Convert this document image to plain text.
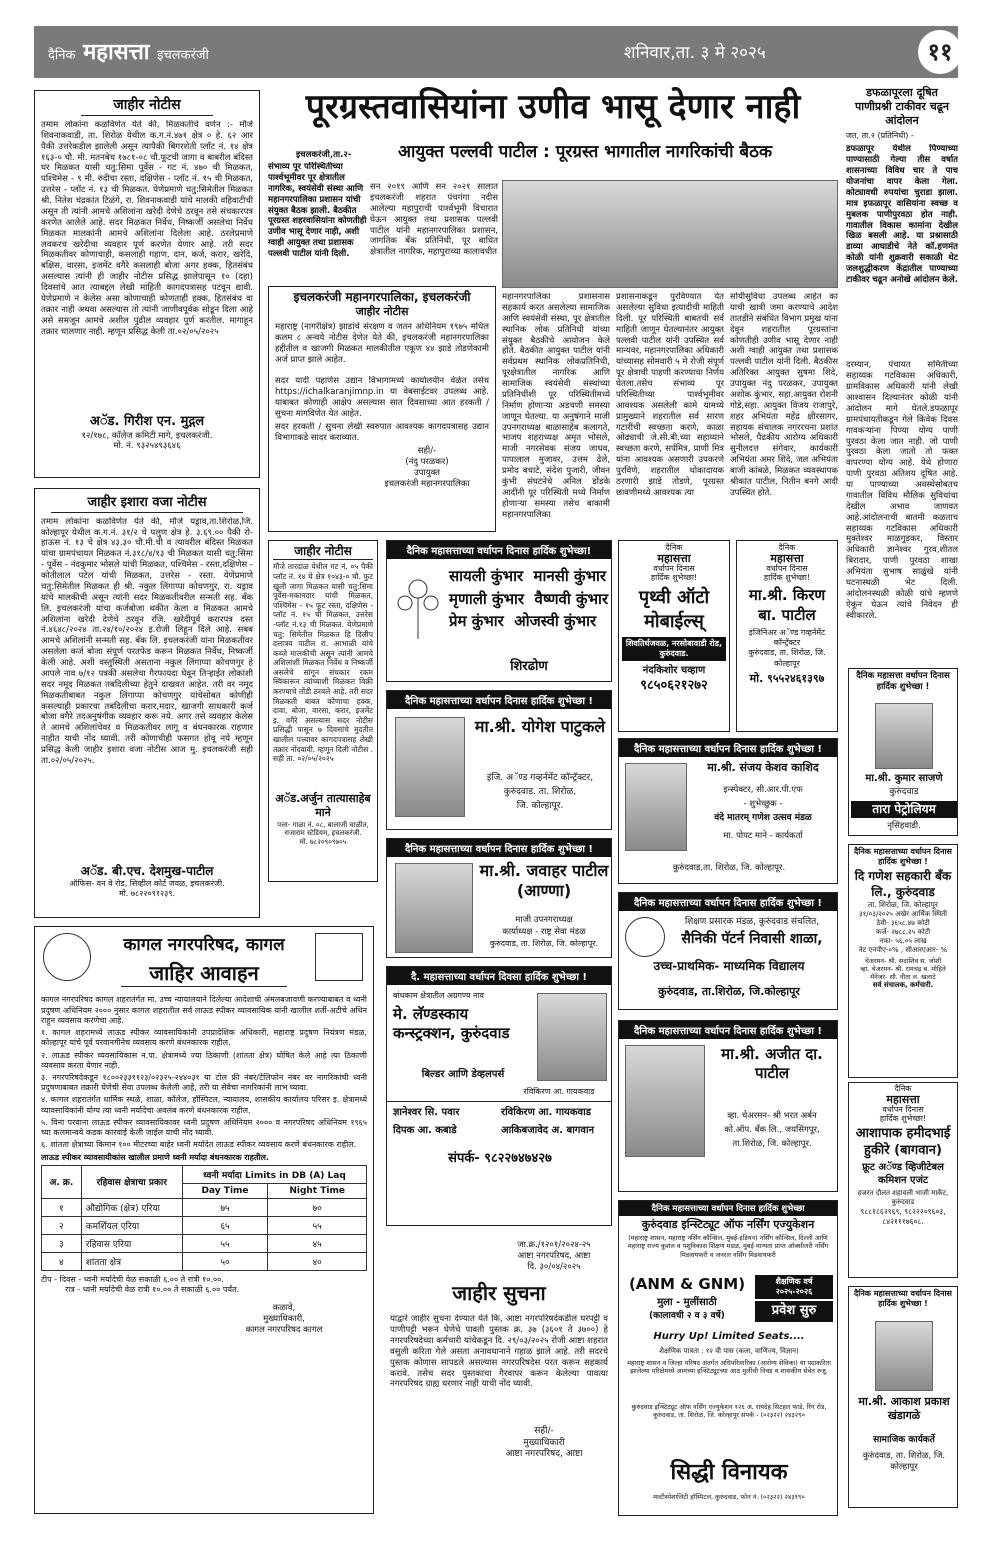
दैनिक महासत्ता इचलकरंजी	शनिवार,ता. ३ मे २०२५	११
जाहीर नोटीस
तमाम लोकांना कळविणेत येते की, मिळकतीचे वर्णन :- मौजे शिवनाकवाडी, ता. शिरोळ येथील क.ग.नं.४७१ क्षेत्र ० हे. ६२ आर पैकी उत्तरेकडील झालेली असून त्यापैकी बिगरशेती प्लॉट नं. १४ क्षेत्र १६३-० चौ. मी. मतनबेच १७८१-०८ चौ.फूटची जागा व बाबरील बंदिस्त घर मिळकत यासी चतु:सिमा पूर्वेस - गट नं. ४७० ची मिळकत, पश्चिमेस - ९ मी. रुंदीचा रस्ता, दक्षिणेस - प्लॉट नं. १५ ची मिळकत, उत्तरेस - प्लॉट नं. १३ ची मिळकत. येणेप्रमाणे चतु:सिमेतील मिळकत श्री. नितेश चंद्रकांत टिळंगे, रा. शिवनाकवाडी यांचे मालकी वहिवाटीची असून ती त्यांनी आमचे अशिलांना खरेदी देणेचे ठरवून तसे संचकारपत्र करणेत आलेले आहे. सदर मिळकत निर्वेध, निष्कर्जी असलेचा निर्वेध मिळकत मालकांनी आमचे अशिलांना दिलेला आहे. ठरलेप्रमाणे लवकरच खरेदीचा व्यवहार पूर्ण करणेत येणार आहे. तरी सदर मिळकतीवर कोणाचाही, कसलाही गहाण, दान, कर्ज, करार, खरेदि, बक्षिस, वारसा, इजमेंट वगैरे कसलाही बोजा अगर हक्क, हितसंबंध असल्यास त्यांनी ही जाहीर नोटीस प्रसिद्ध झालेपासून १० (दहा) दिवसांचे आत त्याबद्दल लेखी माहिती कागदपत्रासह पटवून द्यावी. येणेप्रमाणे न केलेस असा कोणाचाही कोणताही हक्क, हितसंबंध वा तक्रार नाही अथवा असल्यास तो त्यांनी जाणीवपूर्वक सोडून दिला आहे असे समजून आमचे अशील पुढील व्यवहार पूर्ण करतील. मागाहून तक्रार चालणार नाही. म्हणून प्रसिद्ध केली ता.०२/०५/२०२५
अॅड. गिरीश एन. मुद्गल
१२/१७८, कॉलेज कमिटी मागे, इचलकरंजी.
मो. नं. ९३२५४९३६४६
जाहीर इशारा वजा नोटीस
तमाम लोकांना कळविणेत येते की, मौजे यड्राव,ता.शिरोळ,जि. कोल्हापूर येथील क.ग.नं. ३१/२ चे पलुण क्षेत्र हे. ३.६९.०० पैकी रो-हाऊस नं. १३ चे क्षेत्र ४३.३० चौ.मी.ची व त्यावरील बंदिस्त मिळकत यांचा ग्रामपंचायत मिळकत नं.३१८/४/१३ ची मिळकत यासी चतु:सिमा - पूर्वेस - नंदकुमार भोसले यांची मिळकत, पश्चिमेस - रस्ता,दक्षिणेस - कोतीलाल पटेल यांची मिळकत, उत्तरेस - रस्ता. येणेप्रमाणे चतु:सिमेतील मिळकत ही श्री. नकुल लिंगाप्पा कोचणगुर, रा. यड्राव यांचे मालकीची असून त्यांनी सदर मिळकतीवरील सन्मती सह. बँक लि. इचलकरंजी यांचा कर्जबोजा थकीत केला व मिळकत आमचे अशिलांना खरेदी देणेचे ठरवून रजि. खरेदीपूर्व करारपत्र दस्त नं.४६४८/२०२४ ता.२४/१०/२०२४ इ.रोजी लिहून दिले आहे. सबब आमचे अशिलांनी सन्मती सह. बँक लि. इचलकरंजी यांना मिळकतीवर असलेला कर्ज बोजा संपूर्ण परतफेड करून मिळकत निर्वेध, निष्कर्जी केली आहे. अशी वस्तुस्थिती असताना नकुल लिंगाप्पा कोचणगुर हे आपले नाव ७/१२ पत्रकी असलेचा गैरफायदा घेवून तिऱ्हाईत लोकांशी सदर नमूद मिळकत तबदिलीच्या हेतुने दाखवत आहेत. तरी वर नमूद मिळकतीबाबत नकुल लिंगाप्पा कोचणगुर यांचेसोबत कोणीही कसल्याही प्रकारचा तबदिलीचा करार,मदार, खाजगी साधकारी कर्ज बोजा वगैरे तदअनुषंगीक व्यवहार करू नये. अगर तसे व्यवहार केलेस ते आमचे अशिलांचेवर व मिळकतीवर लागू व बंधनकारक राहणार नाहीत याची नोंद घ्यावी. तरी कोणाचीही फसगत होवू नये म्हणून प्रसिद्ध केली जाहीर इशारा वजा नोटीस आज मु. इचलकरंजी सही ता.०२/०५/२०२५.
अॅड. बी.एच. देशमुख-पाटील
ऑफिस- वन वे रोड, सिव्हील कोर्ट जवळ, इचलकरंजी.
मो. ७८२२०९१२३९.
पूरग्रस्तवासियांना उणीव भासू देणार नाही
आयुक्त पल्लवी पाटील : पूरग्रस्त भागातील नागरिकांची बैठक
इचलकरंजी,ता.२-
संभाव्य पूर परिस्थितीच्या पार्श्वभूमीवर पूर क्षेत्रातील नागरिक, स्वयंसेवी संस्था आणि महानगरपालिका प्रशासन यांची संयुक्त बैठक झाली. बैठकीत पूरग्रस्त शहरवासियांना कोणतीही उणीव भासू देणार नाही, अशी ग्वाही आयुक्त तथा प्रशासक पल्लवी पाटील यांनी दिली.
सन २०१९ आणि सन २०२१ सालात इचलकरंजी शहरात पंचगंगा नदीस आलेल्या महापुराची पार्श्वभूमी विचारात घेऊन आयुक्त तथा प्रशासक पल्लवी पाटील यांनी महानगरपालिका प्रशासन, जागतिक बँक प्रतिनिधी, पूर बाधित क्षेत्रातील नागरिक, महापुराच्या कालावधीत
महानगरपालिका प्रशासनास सहकार्य करत असलेल्या सामाजिक आणि स्वयंसेवी संस्था, पूर क्षेत्रातील स्थानिक लोक प्रतिनिधी यांच्या संयुक्त बैठकीचे आयोजन केले होते. बैठकीत आयुक्त पाटील यांनी सर्वप्रथम स्थानिक लोकप्रतिनिधी, पूरक्षेत्रातील नागरिक आणि सामाजिक स्वयंसेवी संस्थांच्या प्रतिनिधींशी पूर परिस्थितीमध्ये निर्माण होणाऱ्या अडचणी समस्या जाणून घेतल्या. या अनुषंगाने माजी उपनगराध्यक्ष बाळासाहेब कलागते, भाजप शहराध्यक्ष अमृत भोसले, माजी नगरसेवक संजय जाधव, पापालाल मुजावर, उत्तम ढेले, प्रमोद बचाटे, संदेश पुजारी, जीवन कुंभी संघटनेचे अनिल डोंडके आदींनी पूर परिस्थिती मध्ये निर्माण होणाऱ्या समस्या तसेच बाकामी महानगरपालिका
प्रशासनाकडून पुरविण्यात येत असलेल्या सुविधा इत्यादीची माहिती दिली. पूर परिस्थिती बाबतची सर्व माहिती जाणून घेतल्यानंतर आयुक्त पल्लवी पाटील यांनी उपस्थित सर्व मान्यवर, महानगरपालिका अधिकारी यांच्यासह सोमवारी ५ मे रोजी संपूर्ण पूर क्षेत्राची पाहणी करण्याचा निर्णय घेतला.तसेच संभाव्य पूर परिस्थितीच्या पार्श्वभूमीवर आवश्यक असलेली कामे यामध्ये प्रामुख्याने शहरातील सर्व सारण गटारींची स्वच्छता करणे, काळा ओढ्याची जे.सी.बी.च्या सहाय्याने स्वच्छता करणे, सर्पमित्र, प्राणी मित्र यांना आवश्यक असणारी उपकरणे पुरविणे, शहरातील धोकादायक ठरणारी झाडे तोडणे, पूरग्रस्त छावणीमध्ये आवश्यक त्या
सोयीसुविधा उपलब्ध आहेत का याची खात्री जमा करण्याचे आदेश तातडीने संबंधित विभाग प्रमुख यांना देवून शहरातील पूरग्रस्तांना कोणतीही उणीव भासू देणार नाही अशी ग्वाही आयुक्त तथा प्रशासक पल्लवी पाटील यांनी दिली. बैठकीस अतिरिक्त आयुक्त सुषमा शिंदे, उपायुक्त नंदु परळकर, उपायुक्त अशोक कुंभार, सहा.आयुक्त रोशनी गोडे,सहा. आयुक्त विजय राजापुरे, शहर अभियंता महेंद्र क्षीरसागर, सहायक संचालक नगररचना प्रशांत भोसले, पैढकीय आरोग्य अधिकारी सुनीलदत्त संगेवार, कार्यकारी अभियंता अमर शिंदे, जल अभियंता बाजी कांबळे, मिळकत व्यवस्थापक श्रीकांत पाटील, नितीन बनगे आदी उपस्थित होते.
इचलकरंजी महानगरपालिका, इचलकरंजी
जाहीर नोटीस
महाराष्ट्र (नागरीक्षेत्र) झाडांचे संरक्षण व जतन अधिनियम १९७५ मधिल कलम ८ अन्वये नोटीस देणेत येते की, इचलकरंजी महानगरपालिका हद्दीतील व खाजगी मिळकत मालकीतील एकूण ४४ झाडे तोडणेकामी अर्ज प्राप्त झाले आहेत.
सदर यादी पहाणेस उद्यान विभागामध्ये कार्यालयीन वेळेत तसेच https://ichalkaranjimnp.in या वेबसाईटवर उपलब्ध आहे. याबाबत कोणाही आक्षेप असल्यास सात दिवसाच्या आत हरकती / सुचना मागविणेत येत आहेत.
सदर हरकती / सुचना लेखी स्वरुपात आवश्यक कागदपत्रासह उद्यान विभागाकडे सादर कराव्यात.
सही/-
(नंदु परळकर)
उपायुक्त
इचलकरंजी महानगरपालिका
डफळापूरला दूषित पाणीप्रश्नी टाकीवर चढून आंदोलन
जत, ता.२ (प्रतिनिधी) -
डफळापूर येथील पिण्याच्या पाण्यासाठी गेल्या तीस वर्षात शासनाच्या विविध चार ते पाच योजनांचा वापर केला गेला. कोट्यावधी रुपयांचा चुराडा झाला. मात्र इफळापूर वासियांना स्वच्छ व मुबलक पाणीपुरवठा होत नाही. गावातील विकास कामांना देखील खिळ बसली आहे. या प्रश्नासाठी डाव्या आघाडीचे नेते कॉ.हणमंत कोळी यांनी शुक्रवारी सकाळी थेट जलशुद्धीकरण केंद्रातील पाण्याच्या टाकीवर चढून अनोखे आंदोलन केले.
दरम्यान, पंचायत समितीच्या सहाय्यक गटविकास अधिकारी, ग्रामविकास अधिकारी यांनी लेखी आश्वासन दिल्यानंतर कोळी यांनी आंदोलन मागे घेतले.डफळापूर ग्रामपंचायतीकडून गेले किंवेक दिवस गावकऱ्यांना पिण्या योग्य पाणी पुरवठा केला जात नाही. जो पाणी पुरवठा केला जातो तो फक्त वापरण्या योग्य आहे. येथे होणारा पाणी पुरवठा अतिशय दूषित आहे. या पाण्याच्या अवस्थेसोबतच गावातील विविध मौलिक सुविधांचा देखील अभाव जाणवत आहे.आंदोलनाची बातमी कळताच सहाय्यक गटविकास अधिकारी मुक्तेश्वर माळगुडकर, विस्तार अधिकारी ज्ञानेश्वर गुरव,शीतल बिरादार, पाणी पुरवठा शाखा अभियंता सुभाष साळुंखे यांनी घटनास्थळी भेट दिली. आंदोलनस्थळी कोळी यांचे म्हणणे ऐकून घेऊन त्यांचे निवेदन ही स्वीकारले.
जाहीर नोटीस
मौजे तारदाळ येथील गट नं. ०५ पैकी प्लॉट नं. १४ चे क्षेत्र १०४३-० चौ. फुट खुली जागा मिळकत यासी चतु:सिमा पूर्वेस-मकानदार यांची मिळकत, पश्चिमेस - १५ फूट रस्ता, दक्षिणेस - प्लॉट नं. १५ ची मिळकत, उत्तरेस -प्लॉट नं.१३ ची मिळकत. येणेप्रमाणे चतु: सिमेतील मिळकत हि दिलीप दत्तात्रय पाटील रा. आभाळी यांचे कब्जे मालकीची असून त्यांनी आमचे अशिलांशी मिळकत निर्वेध व निष्कर्जी असलेचे सांगून संचकार रकम स्विकारून त्यांच्याशी मिळकत विक्री करण्याचे तोंडी ठरवले आहे. तरी सदर मिळकती बाबत कोणाचा हक्क, दावा, बोजा, वारसा, करार, इजमेंट इ. वगैरे असल्यास सदर नोटीस प्रसिद्धी पासून ७ दिवसांचे मुदतीत खालील पत्त्यावर कागदपत्रासह लेखी तक्रार नोंदवावी. म्हणून दिली नोटीस . सही ता. ०२/०५/२०२५
अॅड.अर्जुन तात्यासाहेब माने
पत्ता- गाळा नं. ०८, बालाजी चाळीत, राजाराम स्टेडियम, इचलकरंजी.
मो. ७८२०९०९७०५
दैनिक महासत्ताच्या वर्धापन दिनास हार्दिक शुभेच्छा!
सायली कुंभार मानसी कुंभार
मृणाली कुंभार वैष्णवी कुंभार
प्रेम कुंभार ओजस्वी कुंभार
शिरढोण
दैनिक
महासत्ता
वर्धापन दिनास
हार्दिक शुभेच्छा!
पृथ्वी ऑटो मोबाईल्स्
शिवतिर्थजवळ, नरसोबावाडी रोड, कुरुंदवाड.
नंदकिशोर चव्हाण
९८५०६२१२७२
दैनिक
महासत्ता
वर्धापन दिनास
हार्दिक शुभेच्छा!
मा.श्री. किरण बा. पाटील
इंजिनिअर अॅण्ड गव्हर्नमेंट कॉन्ट्रॅक्टर
कुरुंदवाड, ता. शिरोळ, जि. कोल्हापूर
मो. ९५५२४६१३९७
दैनिक महासत्ताच्या वर्धापन दिनास हार्दिक शुभेच्छा !
मा.श्री. योगेश पाटुकले
इंजि. अॅण्ड गव्हर्नमेंट कॉन्ट्रॅक्टर,
कुरुंदवाड. ता. शिरोळ,
जि. कोल्हापूर.
दैनिक महासत्ताच्या वर्धापन दिनास हार्दिक शुभेच्छा !
मा.श्री. संजय केशव काशिद
इन्स्पेक्टर, सी.आर.पी.एफ
- शुभेच्छुक -
वंदे मातरम् गणेश उत्सव मंडळ
मा. पोपट माने - कार्यकर्ता
कुरुंदवाड,ता. शिरोळ, जि. कोल्हापूर.
दैनिक महासत्ताच्या वर्धापन दिनास हार्दिक शुभेच्छा !
मा.श्री. जवाहर पाटील (आण्णा)
माजी उपनगराध्यक्ष
कार्याध्यक्ष - राष्ट्र सेवा मंडळ
कुरुंदवाड, ता. शिरोळ, जि. कोल्हापूर.
दैनिक महासत्ताच्या वर्धापन दिनास हार्दिक शुभेच्छा !
शिक्षण प्रसारक मंडळ, कुरुंदवाड संचलित,
सैनिकी पॅटर्न निवासी शाळा,
उच्च-प्राथमिक- माध्यमिक विद्यालय
कुरुंदवाड, ता.शिरोळ, जि.कोल्हापूर
कागल नगरपरिषद, कागल
जाहिर आवाहन
कागल नगरपरिषद कागल शहरातंर्गत मा. उच्च न्यायालयाने दिलेल्या आदेशाची अंमलबजावणी करण्याबाबत व ध्वनी प्रदुषण अधिनियम २००० नुसार कागल शहरातील सर्व लाऊड स्पीकर व्यावसायिक यांनी खालील शर्ती-अटीचे अधिन राहुन व्यवसाय करणेचा आहे.
१. कागल शहरामध्ये लाऊड स्पीकर व्यावसायिकांनी उपप्रादेशिक अधिकारी, महाराष्ट्र प्रदुषण नियंत्रण मंडळ, कोल्हापूर यांचे पूर्व परवानगीनेच व्यवसाय करणे बंधनकारक राहील.
२. लाऊड स्पीकर व्यवसायिकास न.पा. क्षेत्रामध्ये ज्या ठिकाणी (शांतता क्षेत्र) घोषित केले आहे त्या ठिकाणी व्यवसाय करता येणार नाही.
३. नगरपरिषदेकडून १८००२३३११२३/०२३२५-२४४०३१ या टोल फ्री नंबर/टेलिफोन नंबर वर नागरिकांची ध्वनी प्रदुषणाबाबत तक्रारी घेणेची सेवा उपलब्ध केलेली आहे, तरी या सेवेचा नागरिकांनी लाभ घ्यावा.
४. कागल शहरातंर्गत धार्मिक स्थळे, शाळा, कॉलेज, हॉस्पिटल, न्यायालय, शासकीय कार्यालय परिसर इ. क्षेत्रामध्ये व्यावसायिकांनी योग्य त्या ध्वनी मर्यादेचा अवलंब करणे बंधनकारक राहील.
५. विना परवाना लाऊड स्पीकर व्यावसायिकावर ध्वनी प्रदुषण अधिनियम २००० व नगरपरिषद अधिनियम १९६५ च्या कलमान्वये कडक कारवाई केली जाईल याची नोंद घ्यावी.
६. शांतता क्षेत्राच्या किमान १०० मीटरच्या बाहेर ध्वनी मर्यादेत लाऊड स्पीकर व्यवसाय करणे बंधनकारक राहील.
लाऊड स्पीकर व्यावसायीकांस खालील प्रमाणे ध्वनी मर्यादा बंधनकारक राहतील.
अ. क्र.	रहिवास क्षेत्राचा प्रकार	ध्वनी मर्यादा Limits in DB (A) Laq	
		Day Time	Night Time
१	औद्योगिक (क्षेत्र) एरिया	७५	७०
२	कमर्शियल एरिया	६५	५५
३	रहिवास एरिया	५५	४५
४	शांतता क्षेत्र	५०	४०
टीप - दिवस - ध्वनी मर्यादेची वेळ सकाळी ६.०० ते रात्री १०.००.
रात्र - ध्वनी मर्यादेची वेळ रात्री १०.०० ते सकाळी ६.०० पर्यंत.
कळावे,
मुख्याधिकारी,
कागल नगरपरिषद कागल
दै. महासत्ताच्या वर्धापन दिवसा हार्दिक शुभेच्छा !
बांधकाम क्षेत्रातील अग्रगण्य नाव
मे. लॅण्डस्काय कन्स्ट्रक्शन, कुरुंदवाड
बिल्डर आणि डेव्हलपर्स
रविकिरण आ. गायकवाड
ज्ञानेश्वर सि. पवार	रविकिरण आ. गायकवाड
दिपक आ. कबाडे	आकिबजावेद अ. बागवान
संपर्क- ९८२२७४७४२७
दैनिक महासत्ताच्या वर्धापन दिनास हार्दिक शुभेच्छा !
मा.श्री. अजीत दा. पाटील
व्हा. चेअरमन- श्री भरत अर्बन
को.ऑप. बँक लि., जयसिंगपूर,
ता.शिरोळ, जि. कोल्हापूर.
जा.क्र./१२०१/२०२४-२५
आष्टा नगरपरिषद, आष्टा
दि. ३०/०४/२०२५
जाहीर सुचना
याद्वारे जाहीर सुचना देण्यात येते कि, आष्टा नगरपरिषदेकडील घरपट्टी व पाणीपट्टी भरून घेणेचे पावती पुस्तक क्र. ३७ (३६०१ ते ३७००) हे नगरपरिषदेच्या कर्मचारी यांचेकडून दि. २९/०३/२०२५ रोजी आष्टा शहरात वसुली करिता गेले असता अनावधानाने गहाळ झाले आहे. तरी सदरचे पुस्तक कोणास सापडले असल्यास नगरपरिषदेस परत करून सहकार्य करावे. तसेच सदर पुस्तकाचा गैरवापर करून केलेल्या पावत्या नगरपरिषद ग्राह्य धरणार नाही याची नोंद घ्यावी.
सही/-
मुख्याधिकारी
आष्टा नगरपरिषद, आष्टा
दैनिक महासत्ताच्या वर्धापन दिनास हार्दिक शुभेच्छा
कुरुंदवाड इन्स्टिट्यूट ऑफ नर्सिंग एज्युकेशन
(महाराष्ट्र शासन, महाराष्ट्र नर्सिंग कौन्सिल, मुंबई-इंडियन) नर्सिंग कौन्सिल, दिल्ली आणि महाराष्ट्र राज्य कुशल व पशुविकास शिक्षण मंडळ, मुंबई मान्यता प्राप्त ऑक्सीलरी नर्सिंग मिडवायफरी व जनरल नर्सिंग मिडवायफरी
(ANM & GNM)
मुला - मुलींसाठी
(कालावधी २ व ३ वर्षे)
शैक्षणिक वर्ष २०२५-२०२६
प्रवेश सुरु
Hurry Up! Limited Seats....
शैक्षणिक पात्रता : १२ वी पास (कला, वाणिज्य, विज्ञान)
महाराष्ट्र शासन व जिल्हा परिषद अंतर्गत अधिपरिचारिका (आरोग्य सेविका) या पदाकरिता झालेल्या परिक्षेमध्ये आमच्या इन्स्टिट्यूटच्या आठ मुलींची निवड व शासकीय सेवेत रुजू.
कुरुंदवाड इन्स्टिट्यूट ऑफ नर्सिंग एज्युकेशन १२६ अ, रायदेह सिटहल फाडे, रिंग रोड, कुरुंदवाड, ता. शिरोळ, जि. कोल्हापूर संपर्क - (०२३२२) २४३२९०
सिद्धी विनायक
मल्टीस्पेशालिटी हॉस्पिटल, कुरुंदवाड, फोन नं. (०२३२२) २४३१९०
दैनिक महासत्ता वर्धापन दिनास हार्दिक शुभेच्छा !
मा.श्री. कुमार साजणे
कुरुंदवाड
तारा पेट्रोलियम
नृसिंहवाडी.
दैनिक महासत्ताच्या वर्धापन दिनास हार्दिक शुभेच्छा !
दि गणेश सहकारी बँक लि., कुरुंदवाड
ता. शिरोळ, जि. कोल्हापूर
३१/०३/२०२५ अखेर आर्थिक स्थिती
ठेवी- ३६५८.४७ कोटी
कर्जे- २७८८.२५ कोटी
नफा- ५६.०५ लाख
नेट एनपीए-०% , सीआरएआर- %
चेअरमन- श्री. सदाशिव स. जोशी
व्हा. चेअरमन- श्री. रामचंद्र ब. मोहिते
मॅनेजर- सौ. नीता ल. खलाटे
सर्व संचालक, कर्मचारी.
दैनिक
महासत्ता
वर्धापन दिनास
हार्दिक शुभेच्छा!
आशापाक हमीदभाई हुकीरे (बागवान)
फ्रूट अॅण्ड व्हिजीटेबल कमिशन एजंट
हजरत दौलत शहावली भाजी मार्केट, कुरुंदवाड
९८८१८६२९६९, ९८२२२०९६०३, ८४२१११७६०८.
दैनिक महासत्ताच्या वर्धापन दिनास हार्दिक शुभेच्छा !
मा.श्री. आकाश प्रकाश खंडागळे
सामाजिक कार्यकर्ते
कुरुंदवाड, ता. शिरोळ, जि. कोल्हापूर
